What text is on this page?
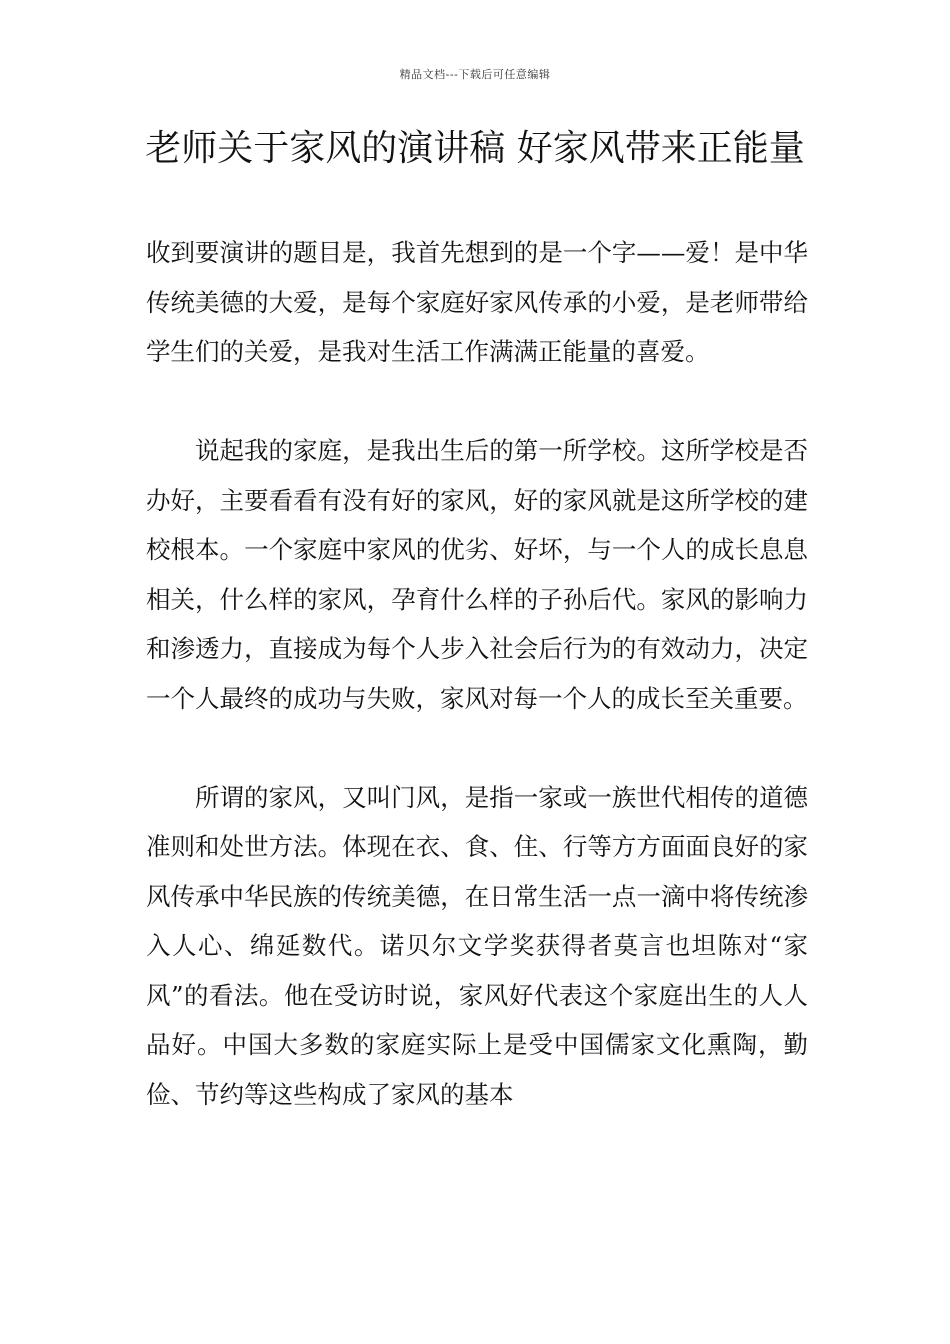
精品文档---下载后可任意编辑
老师关于家风的演讲稿 好家风带来正能量

收到要演讲的题目是，我首先想到的是一个字——爱！是中华传统美德的大爱，是每个家庭好家风传承的小爱，是老师带给学生们的关爱，是我对生活工作满满正能量的喜爱。

说起我的家庭，是我出生后的第一所学校。这所学校是否办好，主要看看有没有好的家风，好的家风就是这所学校的建校根本。一个家庭中家风的优劣、好坏，与一个人的成长息息相关，什么样的家风，孕育什么样的子孙后代。家风的影响力和渗透力，直接成为每个人步入社会后行为的有效动力，决定一个人最终的成功与失败，家风对每一个人的成长至关重要。

所谓的家风，又叫门风，是指一家或一族世代相传的道德准则和处世方法。体现在衣、食、住、行等方方面面良好的家风传承中华民族的传统美德，在日常生活一点一滴中将传统渗入人心、绵延数代。诺贝尔文学奖获得者莫言也坦陈对“家风”的看法。他在受访时说，家风好代表这个家庭出生的人人品好。中国大多数的家庭实际上是受中国儒家文化熏陶，勤俭、节约等这些构成了家风的基本
